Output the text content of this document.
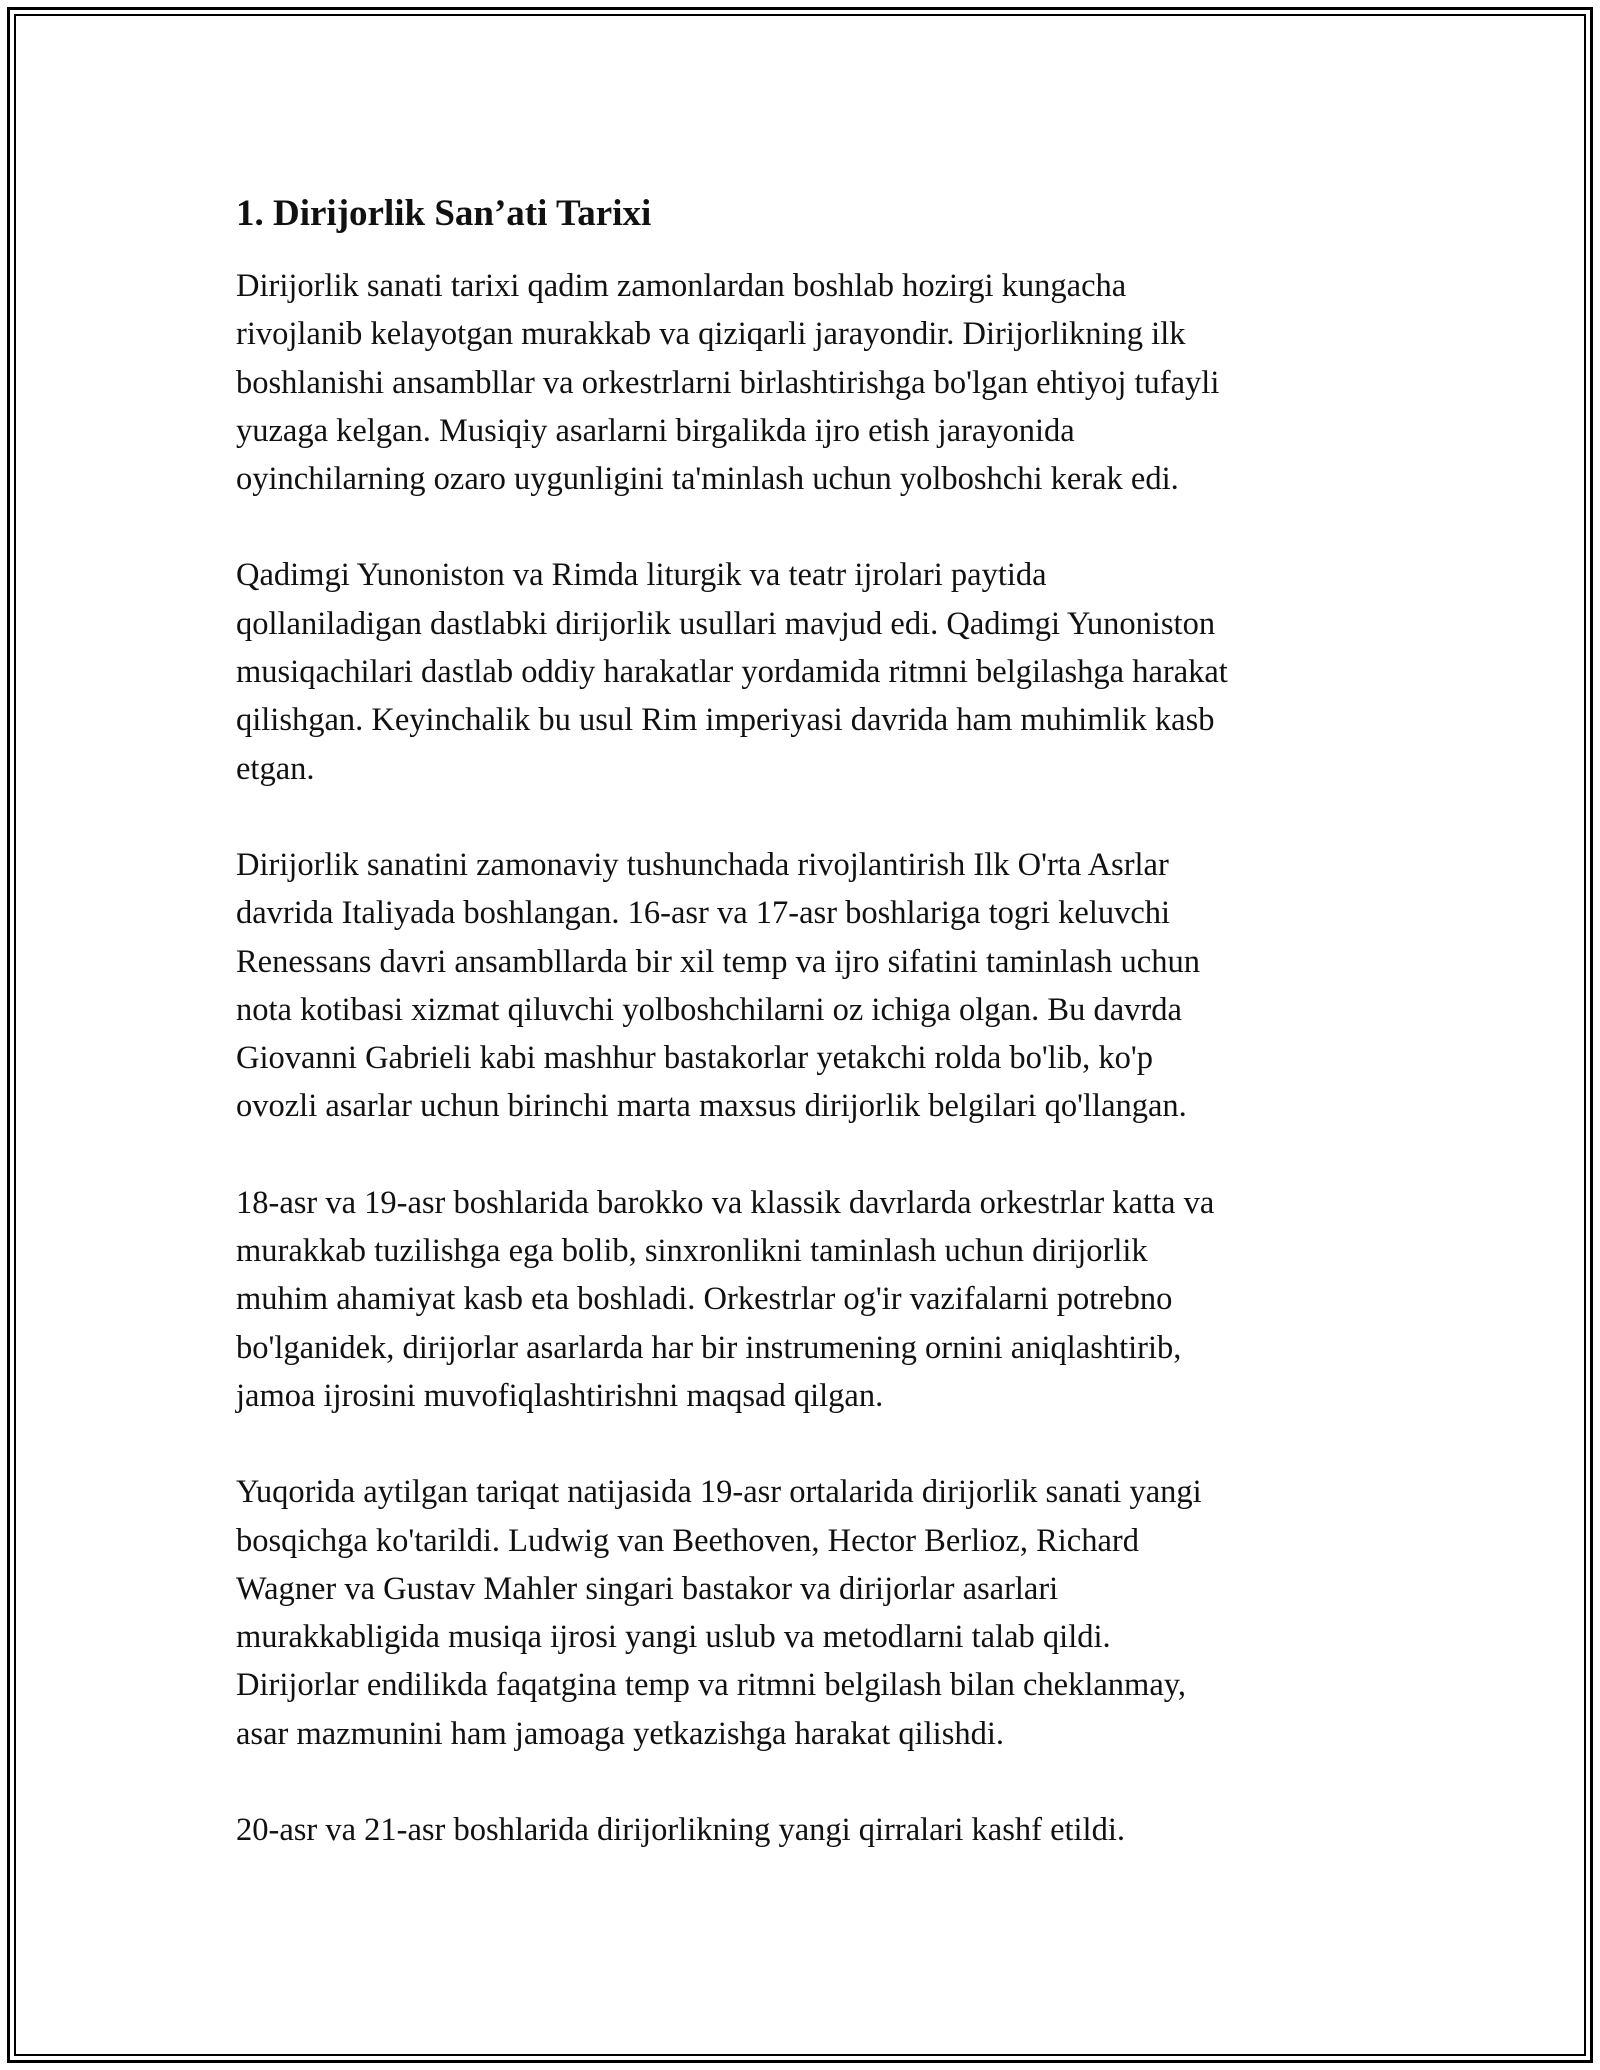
1. Dirijorlik San’ati Tarixi

Dirijorlik sanati tarixi qadim zamonlardan boshlab hozirgi kungacha
rivojlanib kelayotgan murakkab va qiziqarli jarayondir. Dirijorlikning ilk
boshlanishi ansambllar va orkestrlarni birlashtirishga bo'lgan ehtiyoj tufayli
yuzaga kelgan. Musiqiy asarlarni birgalikda ijro etish jarayonida
oyinchilarning ozaro uygunligini ta'minlash uchun yolboshchi kerak edi.

Qadimgi Yunoniston va Rimda liturgik va teatr ijrolari paytida
qollaniladigan dastlabki dirijorlik usullari mavjud edi. Qadimgi Yunoniston
musiqachilari dastlab oddiy harakatlar yordamida ritmni belgilashga harakat
qilishgan. Keyinchalik bu usul Rim imperiyasi davrida ham muhimlik kasb
etgan.

Dirijorlik sanatini zamonaviy tushunchada rivojlantirish Ilk O'rta Asrlar
davrida Italiyada boshlangan. 16-asr va 17-asr boshlariga togri keluvchi
Renessans davri ansambllarda bir xil temp va ijro sifatini taminlash uchun
nota kotibasi xizmat qiluvchi yolboshchilarni oz ichiga olgan. Bu davrda
Giovanni Gabrieli kabi mashhur bastakorlar yetakchi rolda bo'lib, ko'p
ovozli asarlar uchun birinchi marta maxsus dirijorlik belgilari qo'llangan.

18-asr va 19-asr boshlarida barokko va klassik davrlarda orkestrlar katta va
murakkab tuzilishga ega bolib, sinxronlikni taminlash uchun dirijorlik
muhim ahamiyat kasb eta boshladi. Orkestrlar og'ir vazifalarni potrebno
bo'lganidek, dirijorlar asarlarda har bir instrumening ornini aniqlashtirib,
jamoa ijrosini muvofiqlashtirishni maqsad qilgan.

Yuqorida aytilgan tariqat natijasida 19-asr ortalarida dirijorlik sanati yangi
bosqichga ko'tarildi. Ludwig van Beethoven, Hector Berlioz, Richard
Wagner va Gustav Mahler singari bastakor va dirijorlar asarlari
murakkabligida musiqa ijrosi yangi uslub va metodlarni talab qildi.
Dirijorlar endilikda faqatgina temp va ritmni belgilash bilan cheklanmay,
asar mazmunini ham jamoaga yetkazishga harakat qilishdi.

20-asr va 21-asr boshlarida dirijorlikning yangi qirralari kashf etildi.
